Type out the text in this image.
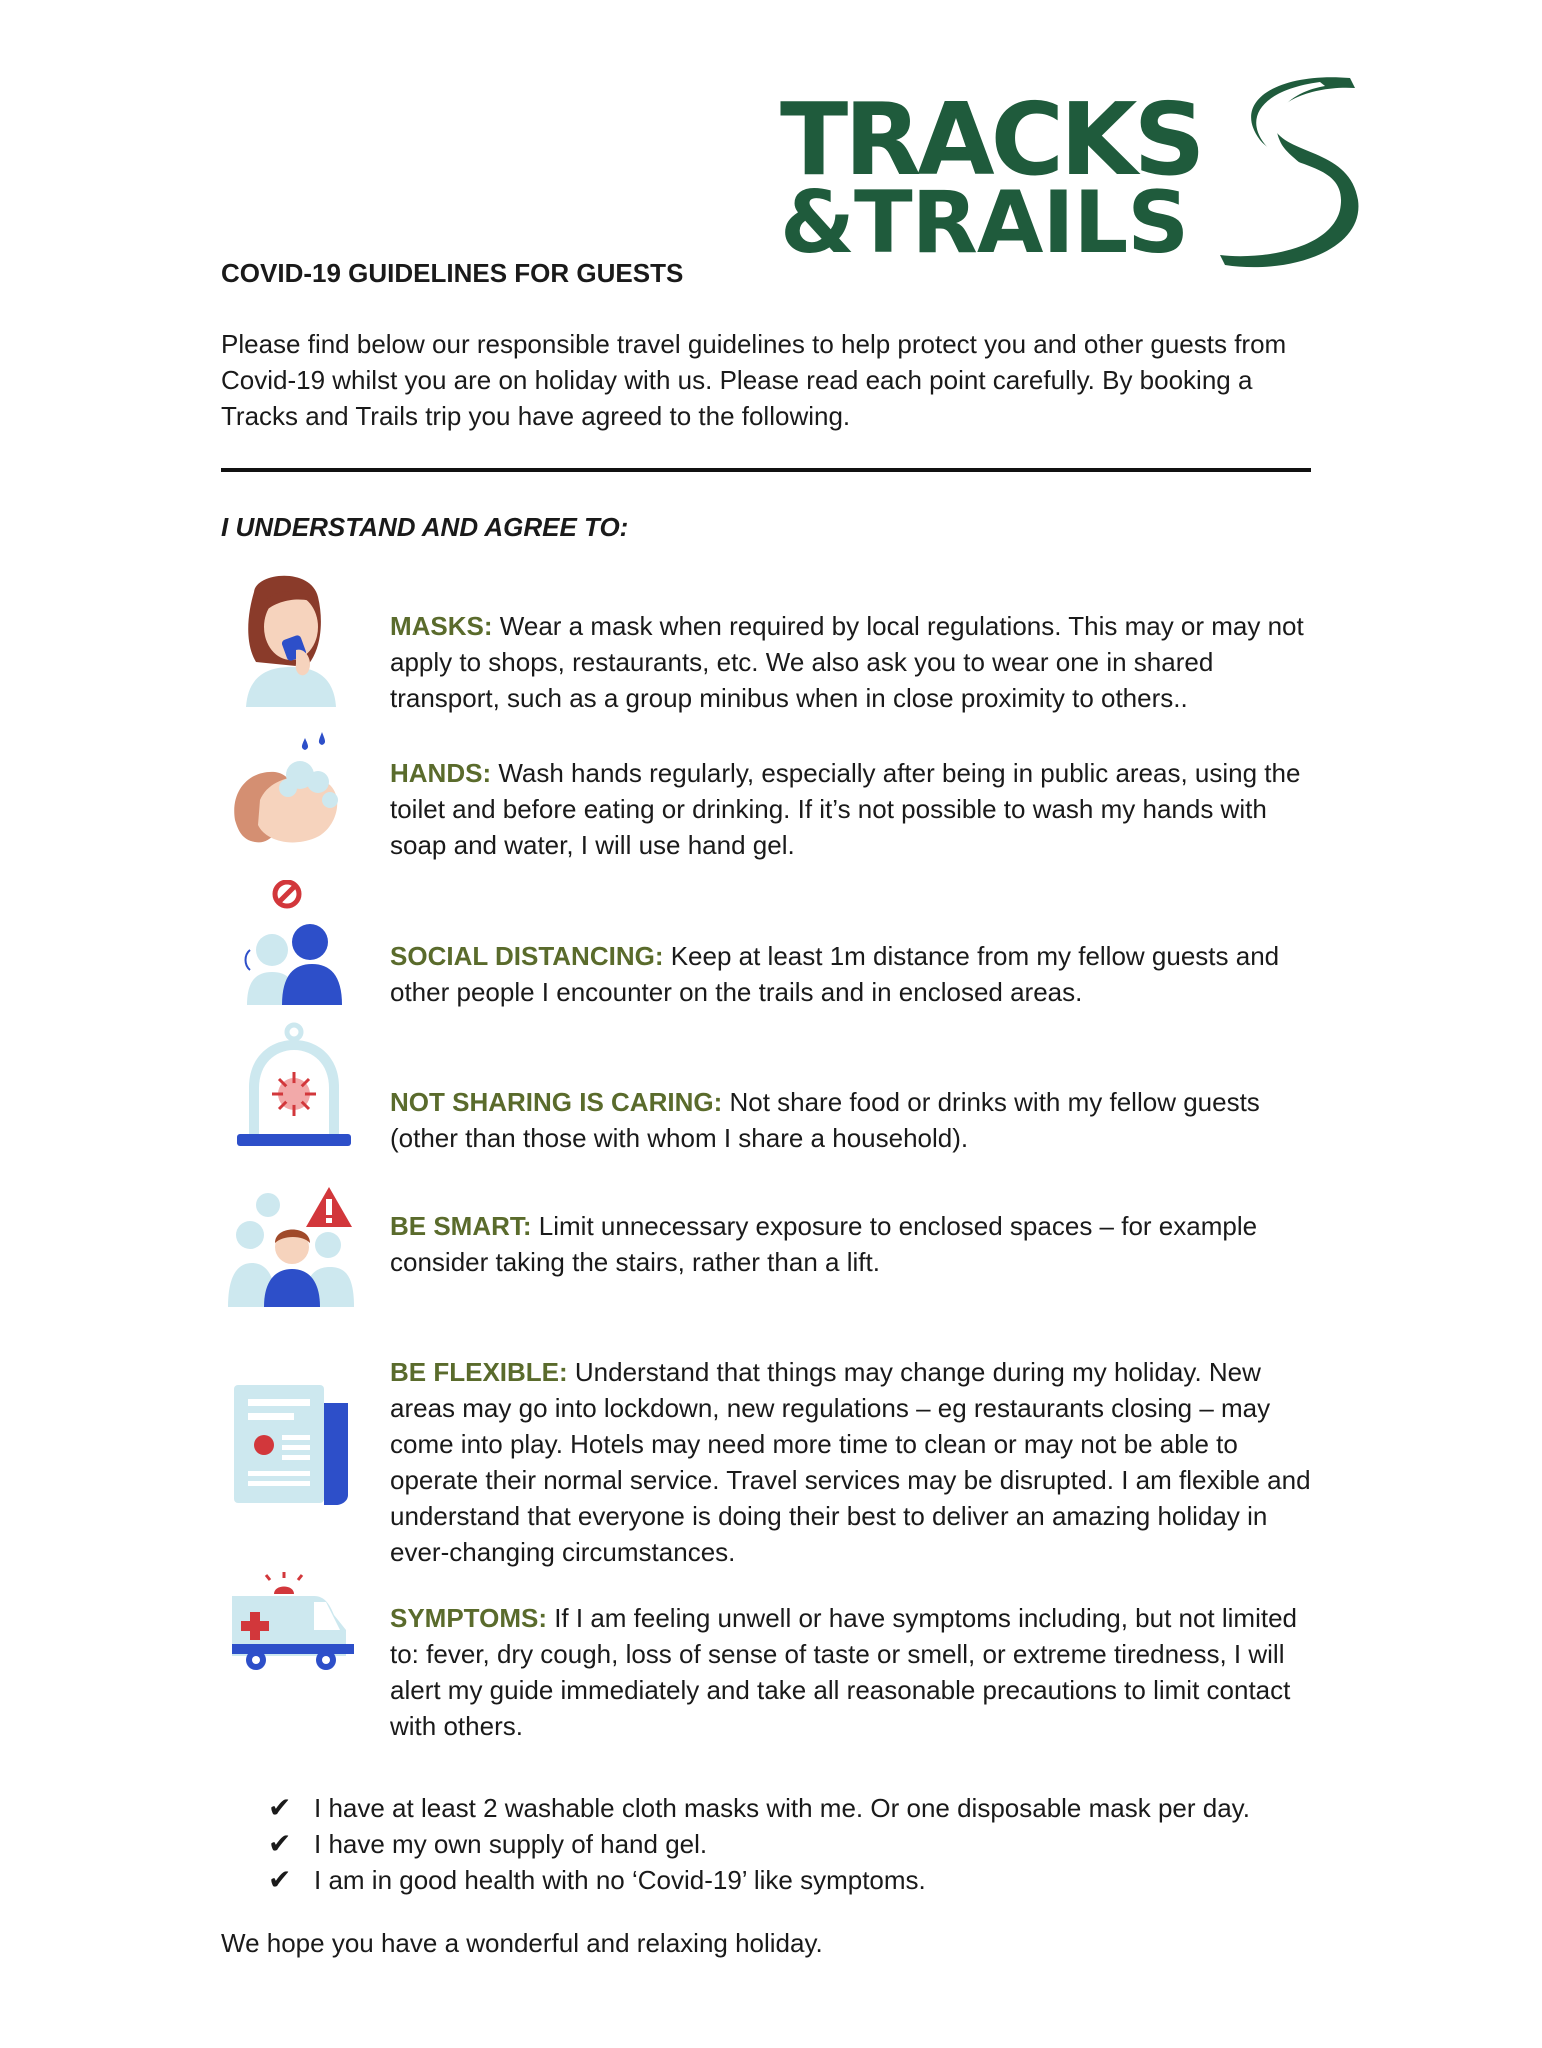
TRACKS
&TRAILS
COVID-19 GUIDELINES FOR GUESTS
Please find below our responsible travel guidelines to help protect you and other guests from Covid-19 whilst you are on holiday with us. Please read each point carefully. By booking a Tracks and Trails trip you have agreed to the following.
I UNDERSTAND AND AGREE TO:
MASKS: Wear a mask when required by local regulations. This may or may not apply to shops, restaurants, etc. We also ask you to wear one in shared transport, such as a group minibus when in close proximity to others..
HANDS: Wash hands regularly, especially after being in public areas, using the toilet and before eating or drinking. If it’s not possible to wash my hands with soap and water, I will use hand gel.
SOCIAL DISTANCING: Keep at least 1m distance from my fellow guests and other people I encounter on the trails and in enclosed areas.
NOT SHARING IS CARING: Not share food or drinks with my fellow guests (other than those with whom I share a household).
BE SMART: Limit unnecessary exposure to enclosed spaces – for example consider taking the stairs, rather than a lift.
BE FLEXIBLE: Understand that things may change during my holiday. New areas may go into lockdown, new regulations – eg restaurants closing – may come into play. Hotels may need more time to clean or may not be able to operate their normal service. Travel services may be disrupted. I am flexible and understand that everyone is doing their best to deliver an amazing holiday in ever-changing circumstances.
SYMPTOMS: If I am feeling unwell or have symptoms including, but not limited to: fever, dry cough, loss of sense of taste or smell, or extreme tiredness, I will alert my guide immediately and take all reasonable precautions to limit contact with others.
✔ I have at least 2 washable cloth masks with me. Or one disposable mask per day.
✔ I have my own supply of hand gel.
✔ I am in good health with no ‘Covid-19’ like symptoms.
We hope you have a wonderful and relaxing holiday.
